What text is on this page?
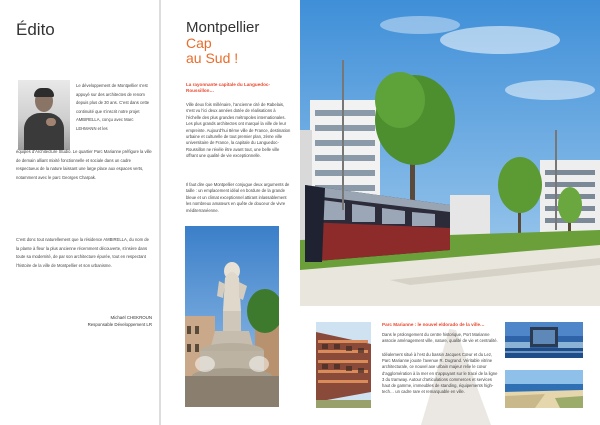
Édito
Le développement de Montpellier s’est appuyé sur des architectes de renom depuis plus de 30 ans. C’est dans cette continuité que s’inscrit notre projet AMBIRELLA, conçu avec Marc LEHMANN et les
équipes d’Architecture Studio. Le quartier Parc Marianne préfigure la ville de demain alliant mixité fonctionnelle et sociale dans un cadre respectueux de la nature laissant une large place aux espaces verts, notamment avec le parc Georges Charpak.
C’est donc tout naturellement que la résidence AMBIRELLA, du nom de la plante à fleur la plus ancienne récemment découverte, s’insère dans toute sa modernité, de par son architecture épurée, tout en respectant l’histoire de la ville de Montpellier et son urbanisme.
Michaël CHEKROUN
Responsable Développement LR
Montpellier
Cap
au Sud !
La rayonnante capitale du Languedoc-Roussillon…
Ville deux fois millénaire, l’ancienne cité de Rabelais, s’est vu l’ici deux années dotée de réalisations à l’échelle des plus grandes métropoles internationales. Les plus grands architectes ont marqué la ville de leur empreinte. Aujourd’hui 8ème ville de France, destination urbaine et culturelle de tout premier plan, 2ème ville universitaire de France, la capitale du Languedoc-Roussillon ne révèle être avant tout, une belle ville offrant une qualité de vie exceptionnelle.
Il faut dire que Montpellier conjugue deux arguments de taille : un emplacement idéal en bordure de la grande bleue et un climat exceptionnel attirant inlassablement les nombreux amateurs en quête de douceur de vivre méditerranéenne.
Parc Marianne : le nouvel eldorado de la ville…
Dans le prolongement du centre historique, Port Marianne associe aménagement ville, nature, qualité de vie et centralité.
Idéalement situé à l’est du bassin Jacques Cœur et du Lez, Parc Marianne jouxte l’avenue R. Dugrand. Véritable vitrine architecturale, ce nouvel axe urbain majeur relie le cœur d’agglomération à la mer en s’appuyant sur le tracé de la ligne 3 du tramway. Autour d’articulations commerces et services haut de gamme, immeubles de standing, équipements high-tech… un cadre rare et remarquable en ville.
